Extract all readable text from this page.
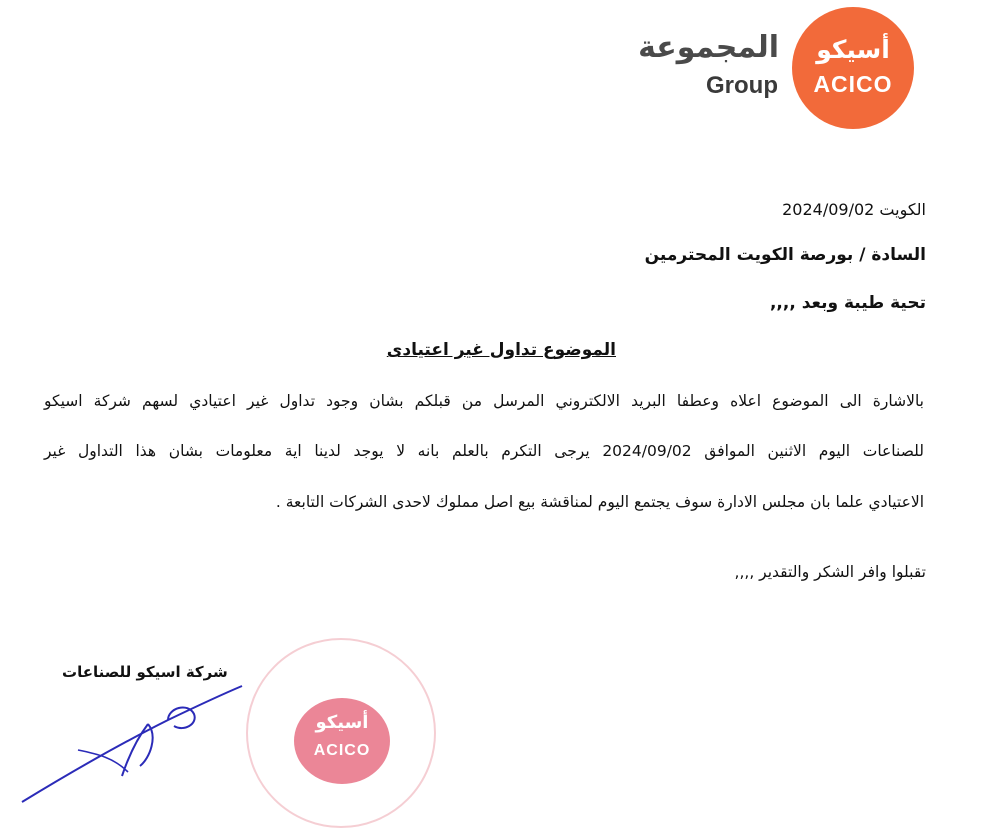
المجموعة
Group
أسيكو
ACICO
الكويت 2024/09/02
السادة / بورصة الكويت المحترمين
تحية طيبة وبعد ,,,,
الموضوع تداول غير اعتيادى
بالاشارة الى الموضوع اعلاه وعطفا البريد الالكتروني المرسل من قبلكم بشان وجود تداول غير اعتيادي لسهم شركة اسيكو
للصناعات اليوم الاثنين الموافق 2024/09/02 يرجى التكرم بالعلم بانه لا يوجد لدينا اية معلومات بشان هذا التداول غير
الاعتيادي علما بان مجلس الادارة سوف يجتمع اليوم لمناقشة بيع اصل مملوك لاحدى الشركات التابعة .
تقبلوا وافر الشكر والتقدير ,,,,
شركة اسيكو للصناعات
أسيكو
ACICO
